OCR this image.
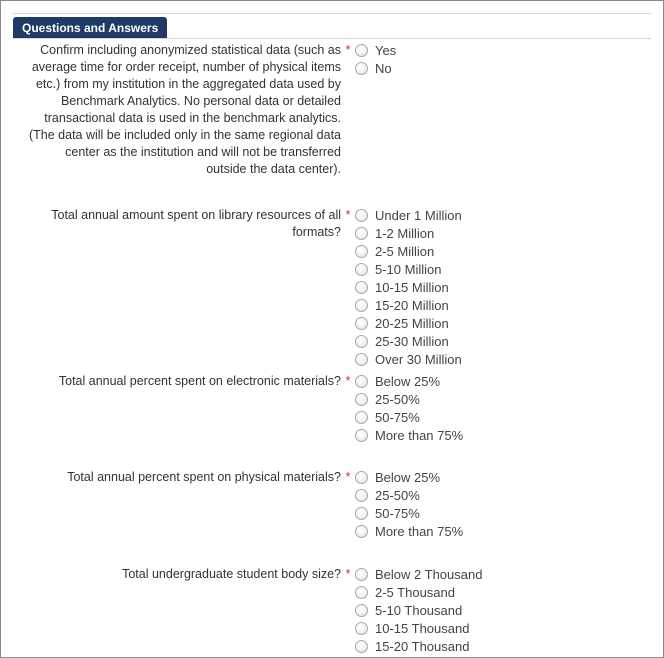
Questions and Answers
Confirm including anonymized statistical data (such as average time for order receipt, number of physical items etc.) from my institution in the aggregated data used by Benchmark Analytics. No personal data or detailed transactional data is used in the benchmark analytics. (The data will be included only in the same regional data center as the institution and will not be transferred outside the data center).
*	Yes
No
Total annual amount spent on library resources of all formats?
*	Under 1 Million
1-2 Million
2-5 Million
5-10 Million
10-15 Million
15-20 Million
20-25 Million
25-30 Million
Over 30 Million
Total annual percent spent on electronic materials? *	Below 25%
25-50%
50-75%
More than 75%
Total annual percent spent on physical materials? *	Below 25%
25-50%
50-75%
More than 75%
Total undergraduate student body size? *	Below 2 Thousand
2-5 Thousand
5-10 Thousand
10-15 Thousand
15-20 Thousand
